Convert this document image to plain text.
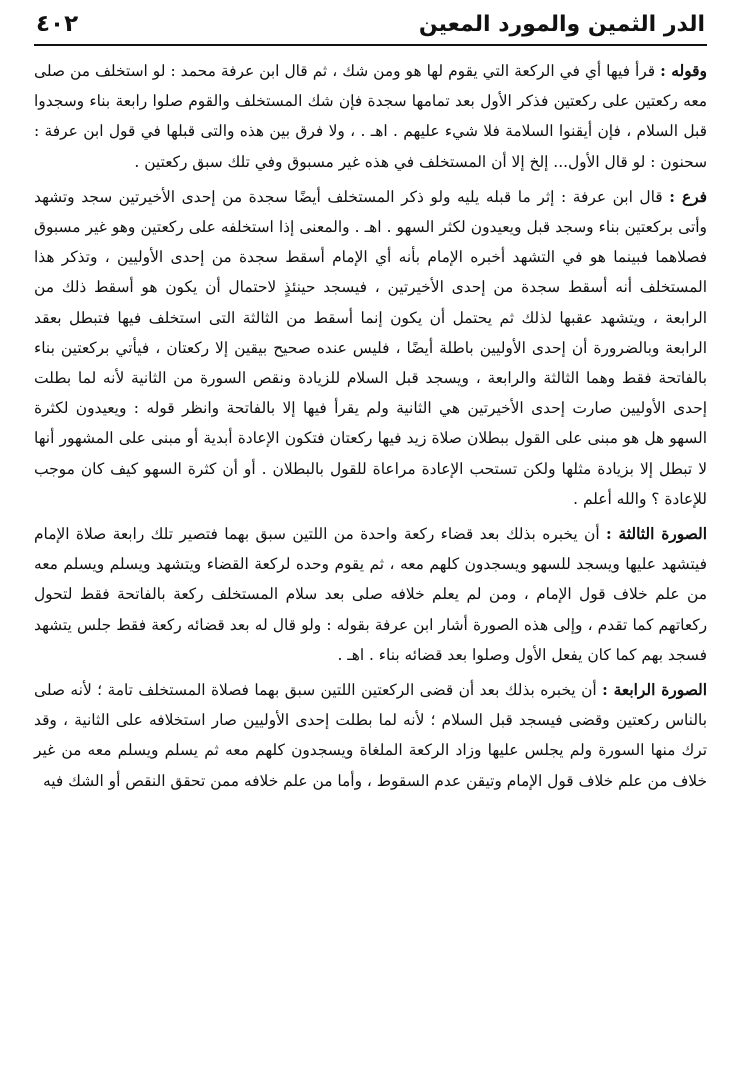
الدر الثمين والمورد المعين
٤٠٢

وقوله : قرأ فيها أي في الركعة التي يقوم لها هو ومن شك ، ثم قال ابن عرفة محمد : لو استخلف من صلى معه ركعتين على ركعتين فذكر الأول بعد تمامها سجدة فإن شك المستخلف والقوم صلوا رابعة بناء وسجدوا قبل السلام ، فإن أيقنوا السلامة فلا شيء عليهم . اهـ . ، ولا فرق بين هذه والتى قبلها في قول ابن عرفة : سحنون : لو قال الأول... إلخ إلا أن المستخلف في هذه غير مسبوق وفي تلك سبق ركعتين .

فرع : قال ابن عرفة : إثر ما قبله يليه ولو ذكر المستخلف أيضًا سجدة من إحدى الأخيرتين سجد وتشهد وأتى بركعتين بناء وسجد قبل ويعيدون لكثر السهو . اهـ . والمعنى إذا استخلفه على ركعتين وهو غير مسبوق فصلاهما فبينما هو في التشهد أخبره الإمام بأنه أي الإمام أسقط سجدة من إحدى الأوليين ، وتذكر هذا المستخلف أنه أسقط سجدة من إحدى الأخيرتين ، فيسجد حينئذٍ لاحتمال أن يكون هو أسقط ذلك من الرابعة ، ويتشهد عقبها لذلك ثم يحتمل أن يكون إنما أسقط من الثالثة التى استخلف فيها فتبطل بعقد الرابعة وبالضرورة أن إحدى الأوليين باطلة أيضًا ، فليس عنده صحيح بيقين إلا ركعتان ، فيأتي بركعتين بناء بالفاتحة فقط وهما الثالثة والرابعة ، ويسجد قبل السلام للزيادة ونقص السورة من الثانية لأنه لما بطلت إحدى الأوليين صارت إحدى الأخيرتين هي الثانية ولم يقرأ فيها إلا بالفاتحة وانظر قوله : ويعيدون لكثرة السهو هل هو مبنى على القول ببطلان صلاة زيد فيها ركعتان فتكون الإعادة أبدية أو مبنى على المشهور أنها لا تبطل إلا بزيادة مثلها ولكن تستحب الإعادة مراعاة للقول بالبطلان . أو أن كثرة السهو كيف كان موجب للإعادة ؟ والله أعلم .

الصورة الثالثة : أن يخبره بذلك بعد قضاء ركعة واحدة من اللتين سبق بهما فتصير تلك رابعة صلاة الإمام فيتشهد عليها ويسجد للسهو ويسجدون كلهم معه ، ثم يقوم وحده لركعة القضاء ويتشهد ويسلم ويسلم معه من علم خلاف قول الإمام ، ومن لم يعلم خلافه صلى بعد سلام المستخلف ركعة بالفاتحة فقط لتحول ركعاتهم كما تقدم ، وإلى هذه الصورة أشار ابن عرفة بقوله : ولو قال له بعد قضائه ركعة فقط جلس يتشهد فسجد بهم كما كان يفعل الأول وصلوا بعد قضائه بناء . اهـ .

الصورة الرابعة : أن يخبره بذلك بعد أن قضى الركعتين اللتين سبق بهما فصلاة المستخلف تامة ؛ لأنه صلى بالناس ركعتين وقضى فيسجد قبل السلام ؛ لأنه لما بطلت إحدى الأوليين صار استخلافه على الثانية ، وقد ترك منها السورة ولم يجلس عليها وزاد الركعة الملغاة ويسجدون كلهم معه ثم يسلم ويسلم معه من غير خلاف من علم خلاف قول الإمام وتيقن عدم السقوط ، وأما من علم خلافه ممن تحقق النقص أو الشك فيه
